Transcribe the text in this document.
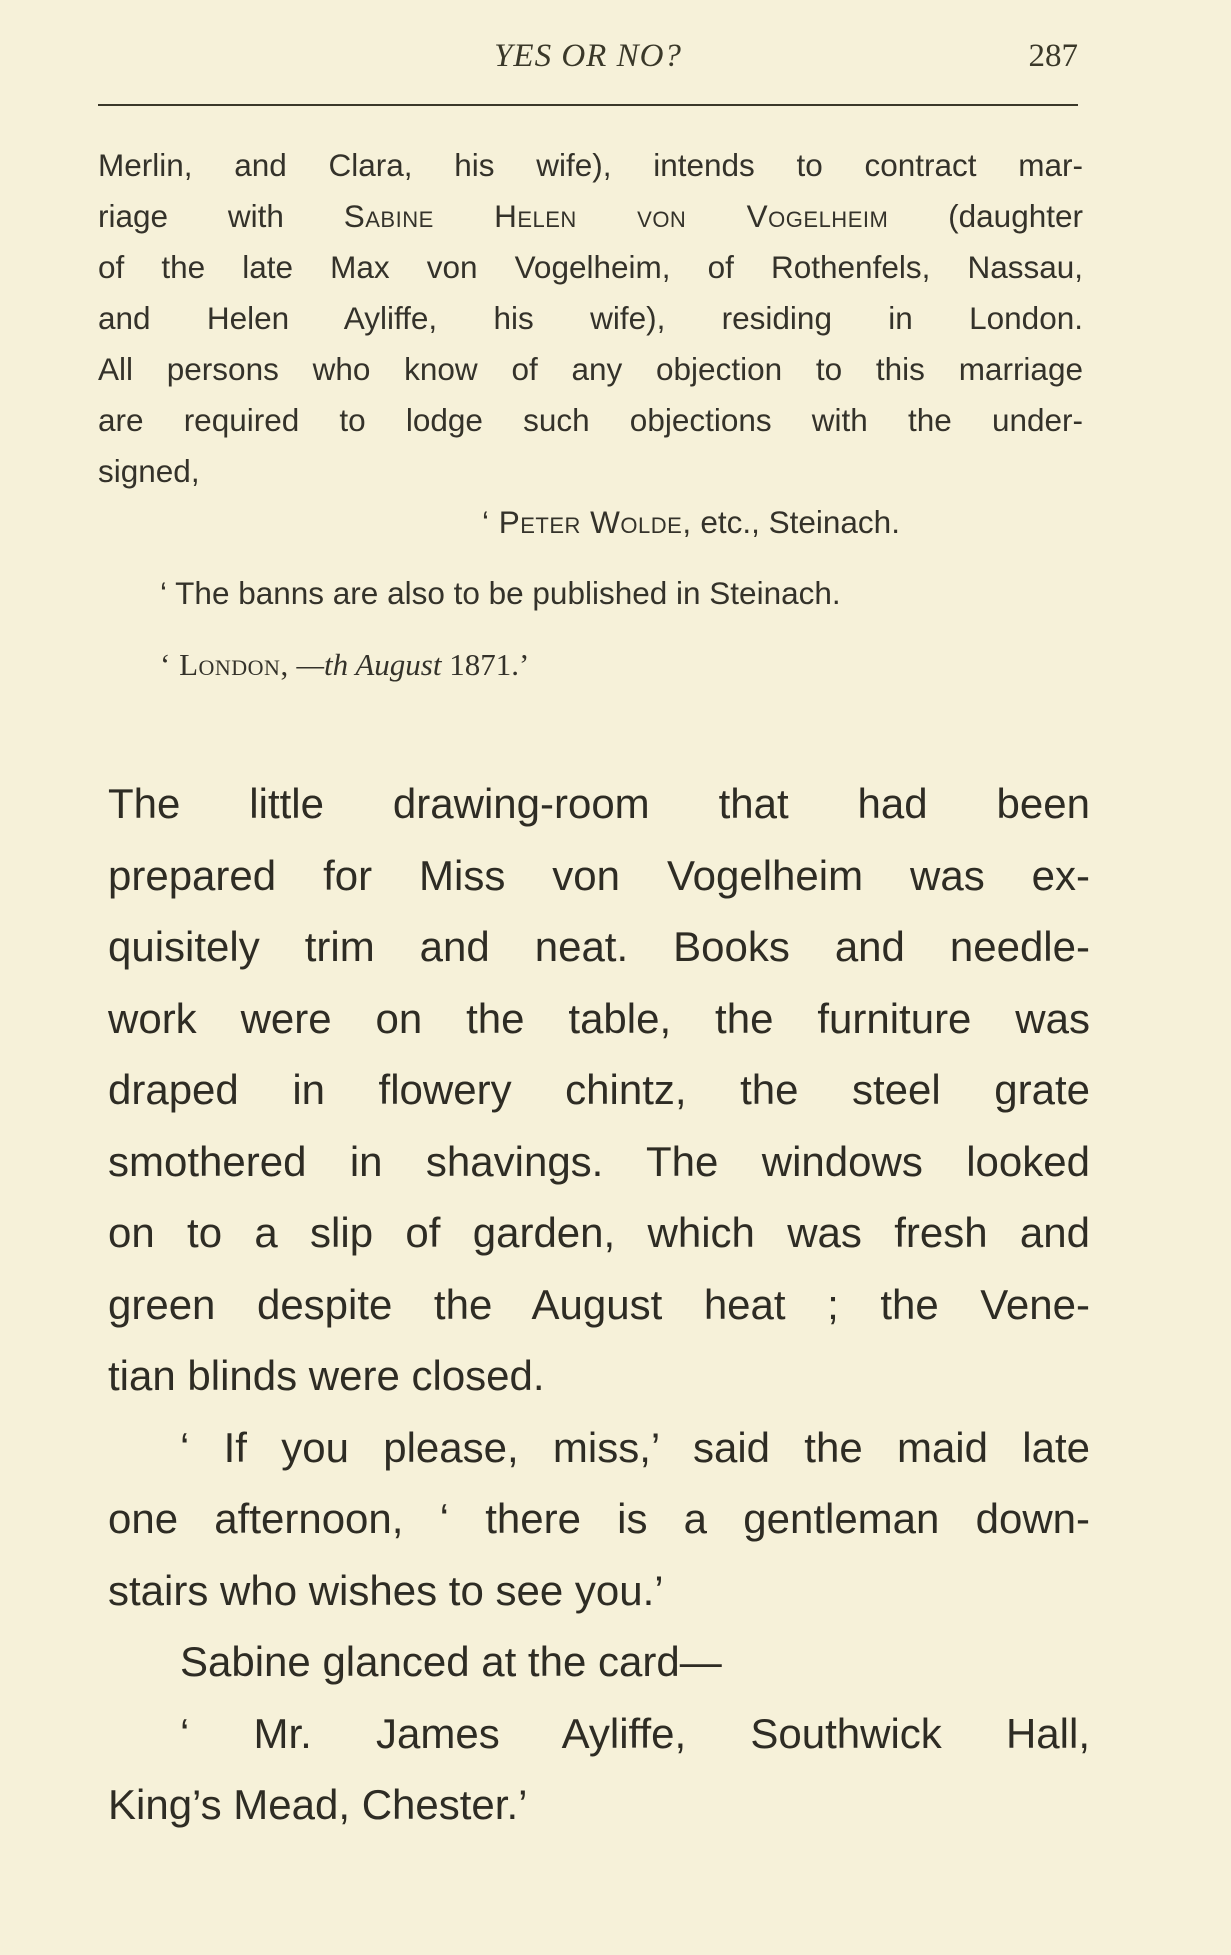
YES OR NO?	287
Merlin, and Clara, his wife), intends to contract mar-
riage with Sabine Helen von Vogelheim (daughter
of the late Max von Vogelheim, of Rothenfels, Nassau,
and Helen Ayliffe, his wife), residing in London.
All persons who know of any objection to this marriage
are required to lodge such objections with the under-
signed,
‘ Peter Wolde, etc., Steinach.
‘ The banns are also to be published in Steinach.
‘ London, —th August 1871.’
The little drawing-room that had been
prepared for Miss von Vogelheim was ex-
quisitely trim and neat. Books and needle-
work were on the table, the furniture was
draped in flowery chintz, the steel grate
smothered in shavings. The windows looked
on to a slip of garden, which was fresh and
green despite the August heat ; the Vene-
tian blinds were closed.
‘ If you please, miss,’ said the maid late
one afternoon, ‘ there is a gentleman down-
stairs who wishes to see you.’
Sabine glanced at the card—
‘ Mr. James Ayliffe, Southwick Hall,
King’s Mead, Chester.’
